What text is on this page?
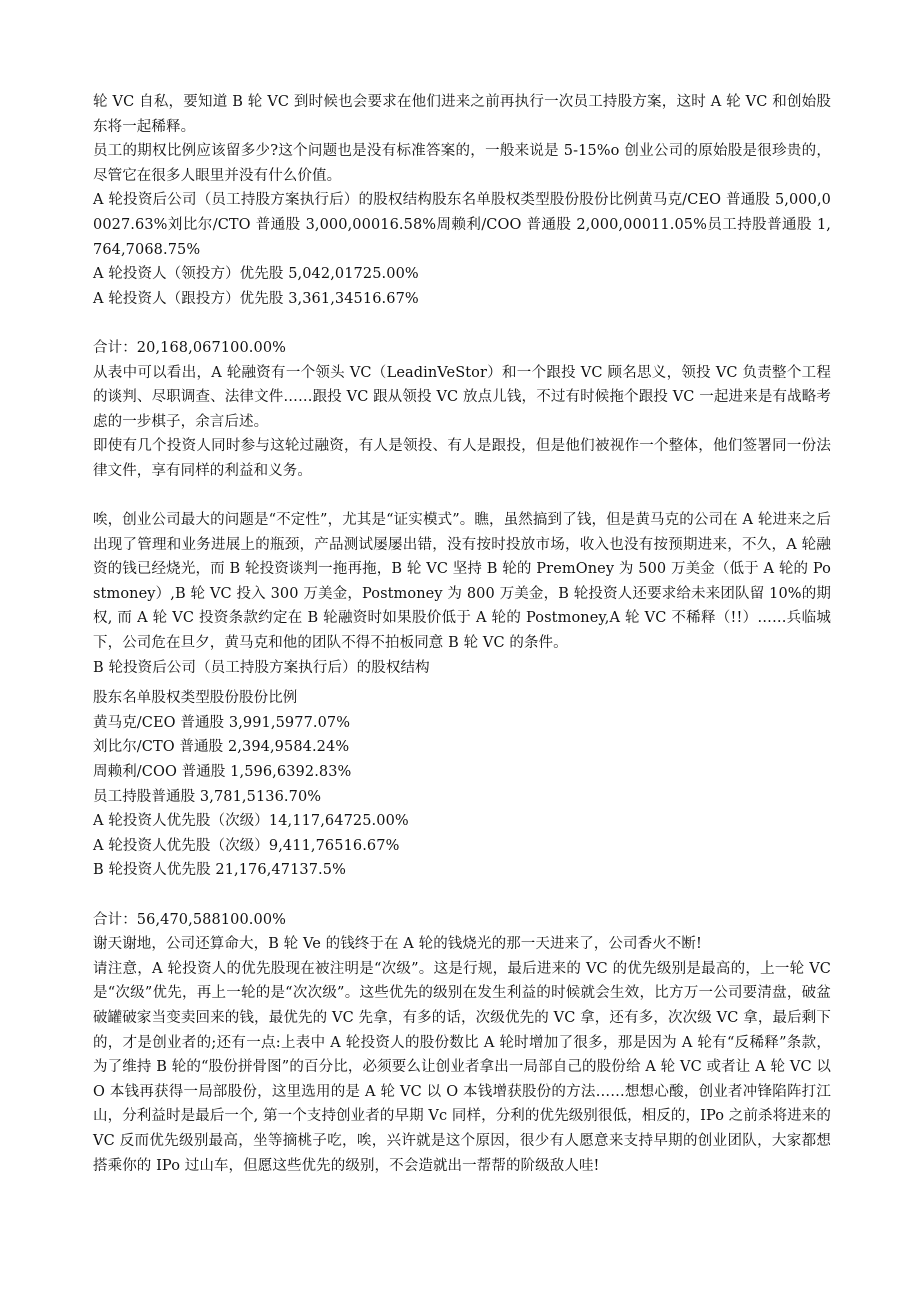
轮 VC 自私，要知道 B 轮 VC 到时候也会要求在他们进来之前再执行一次员工持股方案，这时 A 轮 VC 和创始股东将一起稀释。

员工的期权比例应该留多少?这个问题也是没有标准答案的，一般来说是 5-15%o 创业公司的原始股是很珍贵的，尽管它在很多人眼里并没有什么价值。

A 轮投资后公司（员工持股方案执行后）的股权结构股东名单股权类型股份股份比例黄马克/CEO 普通股 5,000,00027.63%刘比尔/CTO 普通股 3,000,00016.58%周赖利/COO 普通股 2,000,00011.05%员工持股普通股 1,764,7068.75%

A 轮投资人（领投方）优先股 5,042,01725.00%

A 轮投资人（跟投方）优先股 3,361,34516.67%

合计：20,168,067100.00%

从表中可以看出，A 轮融资有一个领头 VC（LeadinVeStor）和一个跟投 VC 顾名思义，领投 VC 负责整个工程的谈判、尽职调查、法律文件……跟投 VC 跟从领投 VC 放点儿钱，不过有时候拖个跟投 VC 一起进来是有战略考虑的一步棋子，余言后述。

即使有几个投资人同时参与这轮过融资，有人是领投、有人是跟投，但是他们被视作一个整体，他们签署同一份法律文件，享有同样的利益和义务。

唉，创业公司最大的问题是“不定性”，尤其是“证实模式”。瞧，虽然搞到了钱，但是黄马克的公司在 A 轮进来之后出现了管理和业务进展上的瓶颈，产品测试屡屡出错，没有按时投放市场，收入也没有按预期进来，不久，A 轮融资的钱已经烧光，而 B 轮投资谈判一拖再拖，B 轮 VC 坚持 B 轮的 PremOney 为 500 万美金（低于 A 轮的 Postmoney）,B 轮 VC 投入 300 万美金，Postmoney 为 800 万美金，B 轮投资人还要求给未来团队留 10%的期权, 而 A 轮 VC 投资条款约定在 B 轮融资时如果股价低于 A 轮的 Postmoney,A 轮 VC 不稀释（!!）……兵临城下，公司危在旦夕，黄马克和他的团队不得不拍板同意 B 轮 VC 的条件。

B 轮投资后公司（员工持股方案执行后）的股权结构

股东名单股权类型股份股份比例

黄马克/CEO 普通股 3,991,5977.07%

刘比尔/CTO 普通股 2,394,9584.24%

周赖利/COO 普通股 1,596,6392.83%

员工持股普通股 3,781,5136.70%

A 轮投资人优先股（次级）14,117,64725.00%

A 轮投资人优先股（次级）9,411,76516.67%

B 轮投资人优先股 21,176,47137.5%

合计：56,470,588100.00%

谢天谢地，公司还算命大，B 轮 Ve 的钱终于在 A 轮的钱烧光的那一天进来了，公司香火不断!

请注意，A 轮投资人的优先股现在被注明是“次级”。这是行规，最后进来的 VC 的优先级别是最高的，上一轮 VC 是“次级”优先，再上一轮的是“次次级”。这些优先的级别在发生利益的时候就会生效，比方万一公司要清盘，破盆破罐破家当变卖回来的钱，最优先的 VC 先拿，有多的话，次级优先的 VC 拿，还有多，次次级 VC 拿，最后剩下的，才是创业者的;还有一点:上表中 A 轮投资人的股份数比 A 轮时增加了很多，那是因为 A 轮有“反稀释”条款，为了维持 B 轮的“股份拼骨图”的百分比，必须要么让创业者拿出一局部自己的股份给 A 轮 VC 或者让 A 轮 VC 以 O 本钱再获得一局部股份，这里选用的是 A 轮 VC 以 O 本钱增获股份的方法……想想心酸，创业者冲锋陷阵打江山，分利益时是最后一个, 第一个支持创业者的早期 Vc 同样，分利的优先级别很低，相反的，IPo 之前杀将进来的 VC 反而优先级别最高，坐等摘桃子吃，唉，兴许就是这个原因，很少有人愿意来支持早期的创业团队，大家都想搭乘你的 IPo 过山车，但愿这些优先的级别，不会造就出一帮帮的阶级敌人哇!
